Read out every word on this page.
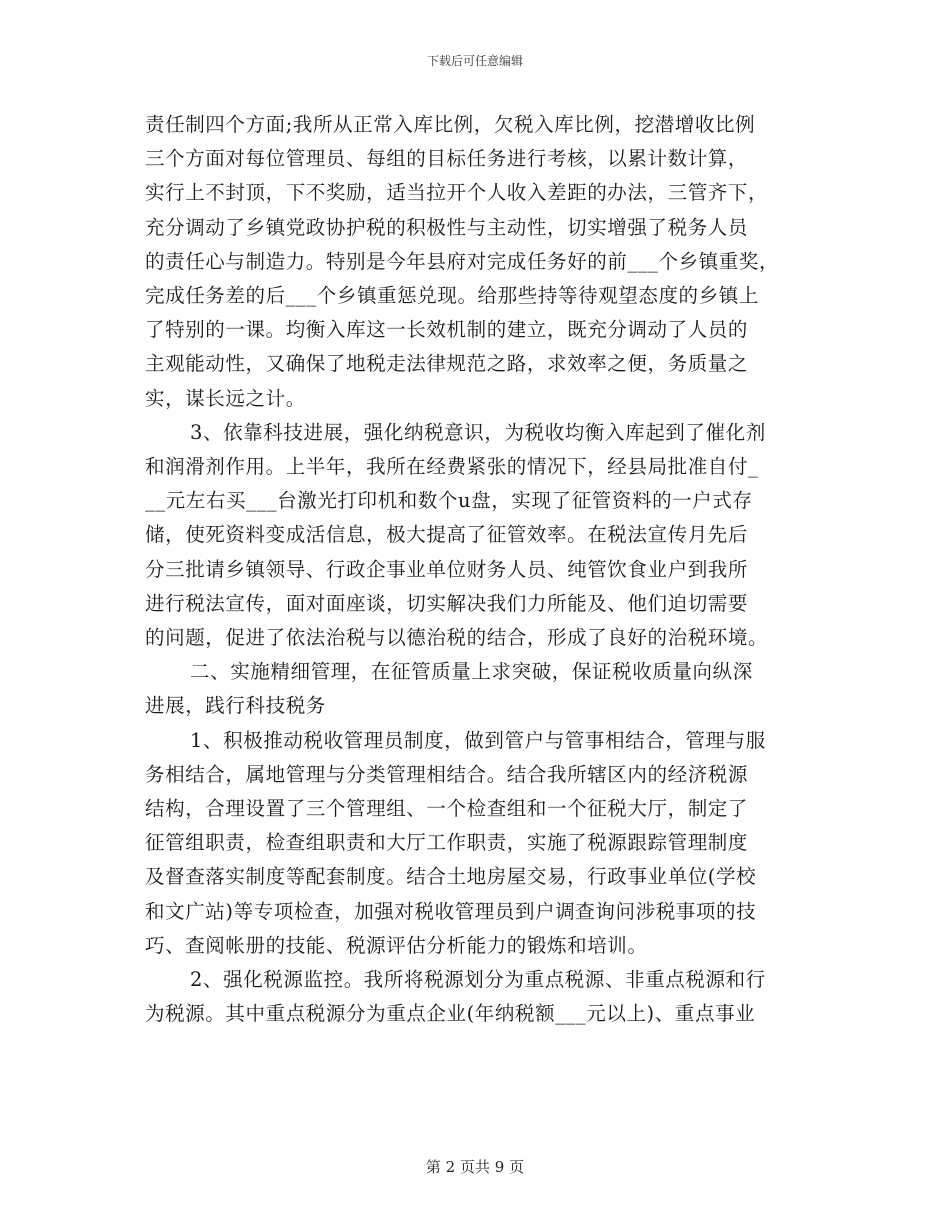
下载后可任意编辑
责任制四个方面;我所从正常入库比例，欠税入库比例，挖潜增收比例
三个方面对每位管理员、每组的目标任务进行考核，以累计数计算，
实行上不封顶，下不奖励，适当拉开个人收入差距的办法，三管齐下，
充分调动了乡镇党政协护税的积极性与主动性，切实增强了税务人员
的责任心与制造力。特别是今年县府对完成任务好的前___个乡镇重奖，
完成任务差的后___个乡镇重惩兑现。给那些持等待观望态度的乡镇上
了特别的一课。均衡入库这一长效机制的建立，既充分调动了人员的
主观能动性，又确保了地税走法律规范之路，求效率之便，务质量之
实，谋长远之计。
3、依靠科技进展，强化纳税意识，为税收均衡入库起到了催化剂
和润滑剂作用。上半年，我所在经费紧张的情况下，经县局批准自付_
__元左右买___台激光打印机和数个u盘，实现了征管资料的一户式存
储，使死资料变成活信息，极大提高了征管效率。在税法宣传月先后
分三批请乡镇领导、行政企事业单位财务人员、纯管饮食业户到我所
进行税法宣传，面对面座谈，切实解决我们力所能及、他们迫切需要
的问题，促进了依法治税与以德治税的结合，形成了良好的治税环境。
二、实施精细管理，在征管质量上求突破，保证税收质量向纵深
进展，践行科技税务
1、积极推动税收管理员制度，做到管户与管事相结合，管理与服
务相结合，属地管理与分类管理相结合。结合我所辖区内的经济税源
结构，合理设置了三个管理组、一个检查组和一个征税大厅，制定了
征管组职责，检查组职责和大厅工作职责，实施了税源跟踪管理制度
及督查落实制度等配套制度。结合土地房屋交易，行政事业单位(学校
和文广站)等专项检查，加强对税收管理员到户调查询问涉税事项的技
巧、查阅帐册的技能、税源评估分析能力的锻炼和培训。
2、强化税源监控。我所将税源划分为重点税源、非重点税源和行
为税源。其中重点税源分为重点企业(年纳税额___元以上)、重点事业
第 2 页共 9 页
